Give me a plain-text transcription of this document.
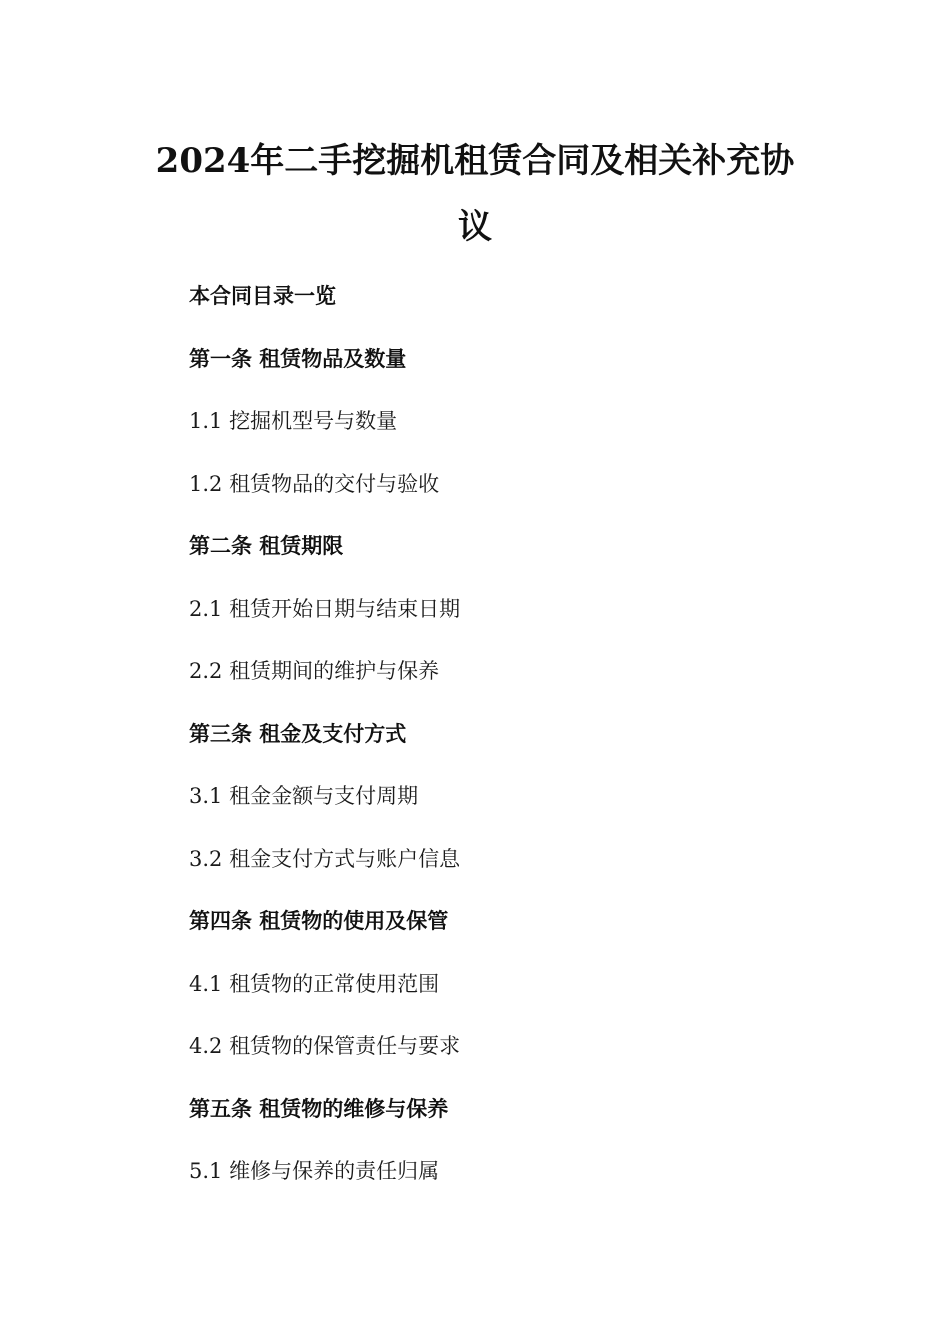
2024年二手挖掘机租赁合同及相关补充协议
本合同目录一览
第一条 租赁物品及数量
1.1 挖掘机型号与数量
1.2 租赁物品的交付与验收
第二条 租赁期限
2.1 租赁开始日期与结束日期
2.2 租赁期间的维护与保养
第三条 租金及支付方式
3.1 租金金额与支付周期
3.2 租金支付方式与账户信息
第四条 租赁物的使用及保管
4.1 租赁物的正常使用范围
4.2 租赁物的保管责任与要求
第五条 租赁物的维修与保养
5.1 维修与保养的责任归属
